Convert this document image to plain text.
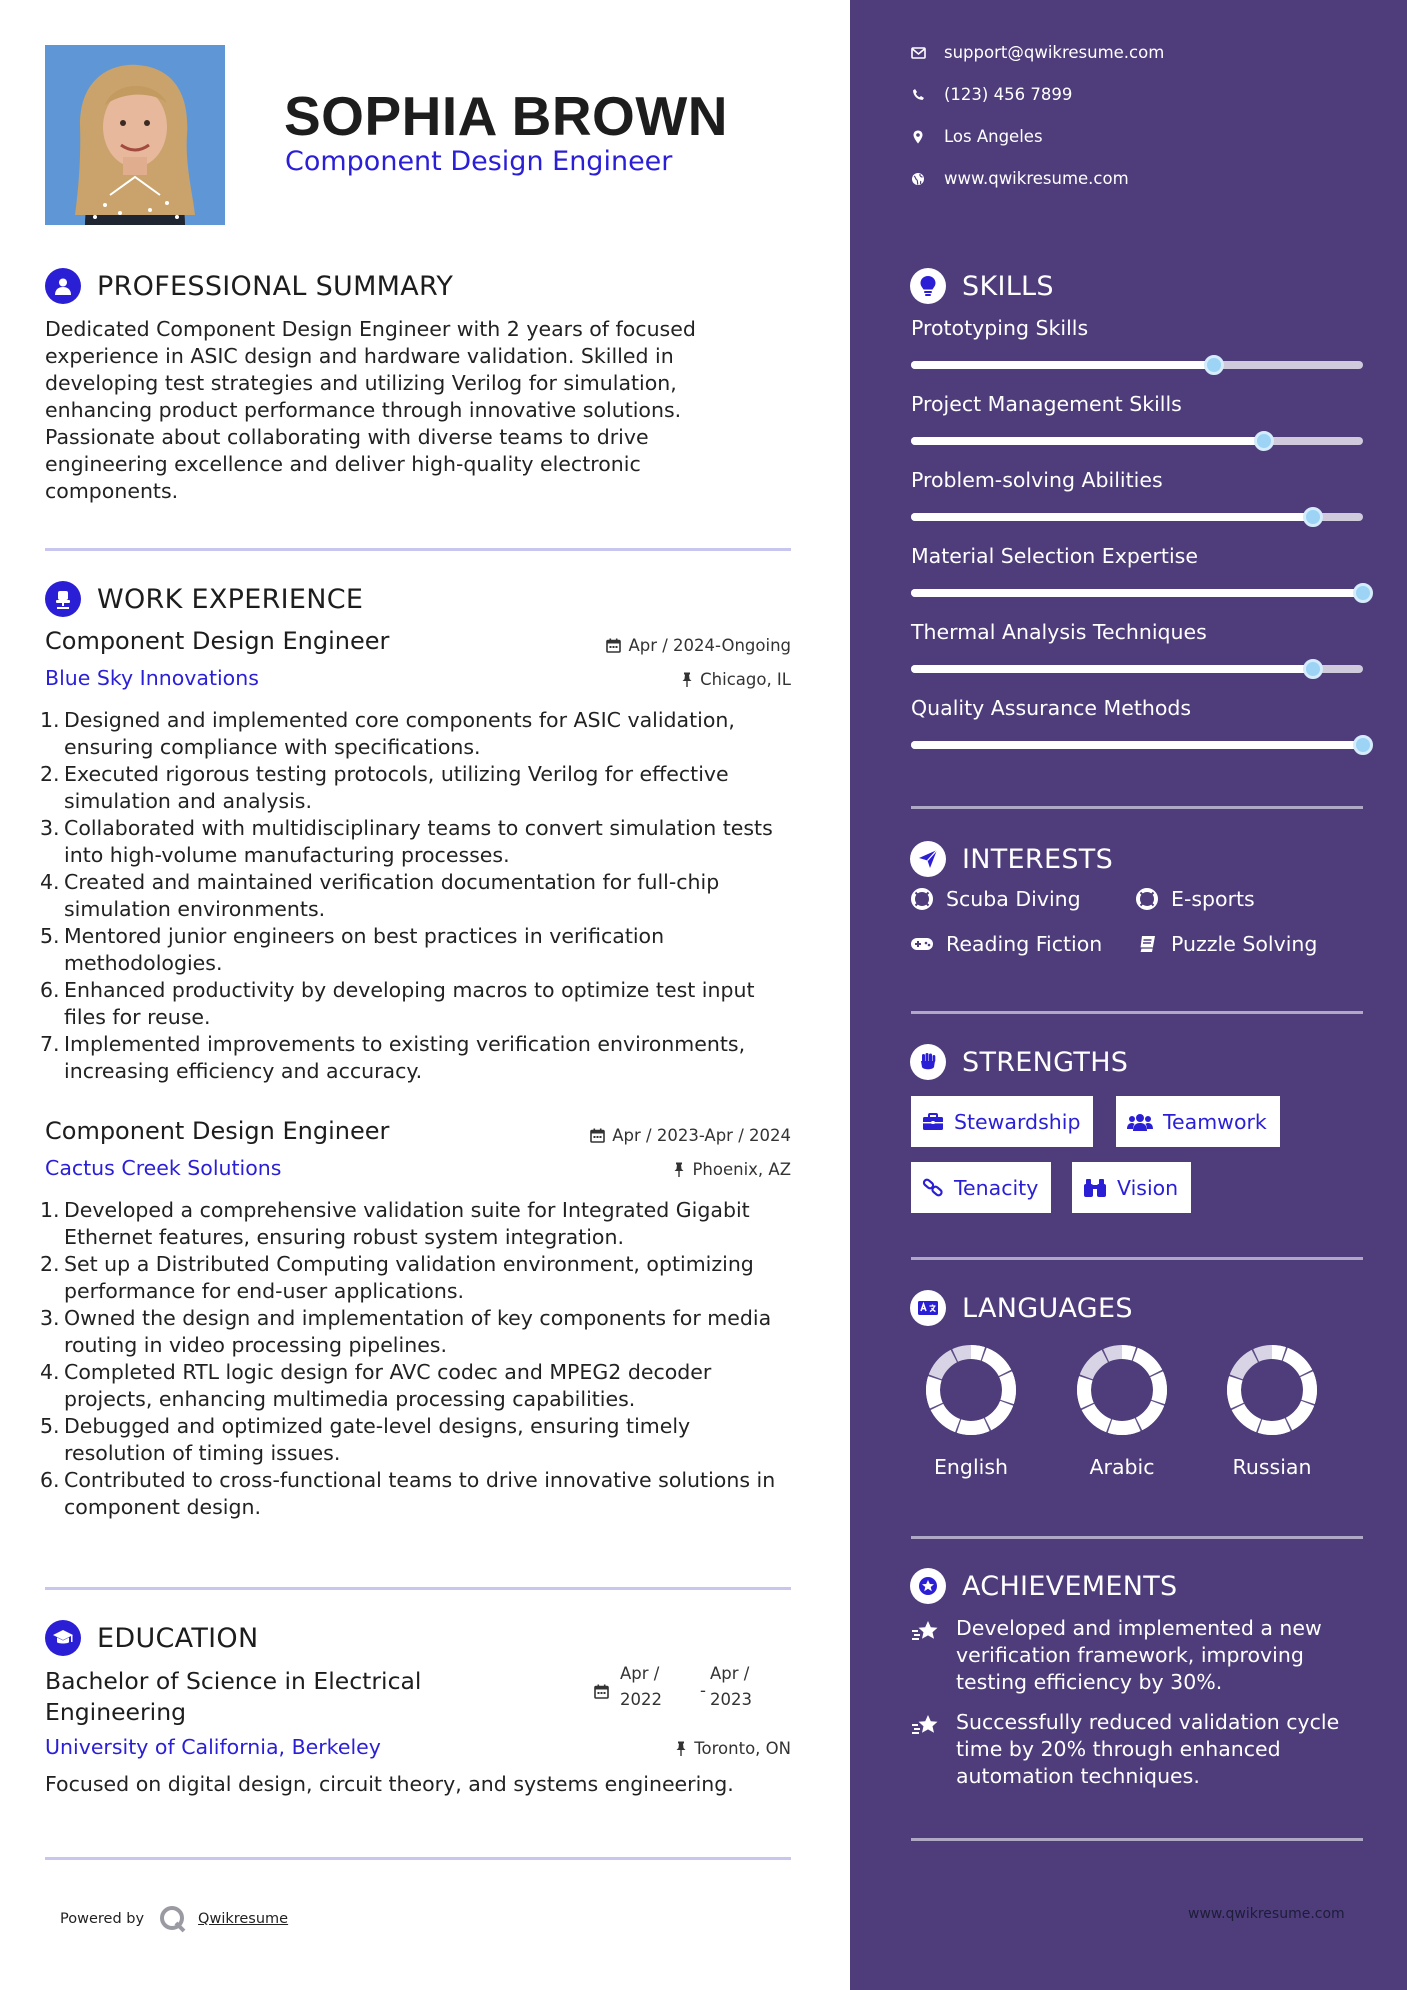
SOPHIA BROWN
Component Design Engineer
PROFESSIONAL SUMMARY
Dedicated Component Design Engineer with 2 years of focused
experience in ASIC design and hardware validation. Skilled in
developing test strategies and utilizing Verilog for simulation,
enhancing product performance through innovative solutions.
Passionate about collaborating with diverse teams to drive
engineering excellence and deliver high-quality electronic
components.
WORK EXPERIENCE
Component Design Engineer	Apr / 2024-Ongoing
Blue Sky Innovations	Chicago, IL
1. Designed and implemented core components for ASIC validation,
ensuring compliance with specifications.
2. Executed rigorous testing protocols, utilizing Verilog for effective
simulation and analysis.
3. Collaborated with multidisciplinary teams to convert simulation tests
into high-volume manufacturing processes.
4. Created and maintained verification documentation for full-chip
simulation environments.
5. Mentored junior engineers on best practices in verification
methodologies.
6. Enhanced productivity by developing macros to optimize test input
files for reuse.
7. Implemented improvements to existing verification environments,
increasing efficiency and accuracy.
Component Design Engineer	Apr / 2023-Apr / 2024
Cactus Creek Solutions	Phoenix, AZ
1. Developed a comprehensive validation suite for Integrated Gigabit
Ethernet features, ensuring robust system integration.
2. Set up a Distributed Computing validation environment, optimizing
performance for end-user applications.
3. Owned the design and implementation of key components for media
routing in video processing pipelines.
4. Completed RTL logic design for AVC codec and MPEG2 decoder
projects, enhancing multimedia processing capabilities.
5. Debugged and optimized gate-level designs, ensuring timely
resolution of timing issues.
6. Contributed to cross-functional teams to drive innovative solutions in
component design.
EDUCATION
Bachelor of Science in Electrical
Engineering
Apr /
2022 -
Apr /
2023
University of California, Berkeley	Toronto, ON
Focused on digital design, circuit theory, and systems engineering.
Powered by	Qwikresume
support@qwikresume.com
(123) 456 7899
Los Angeles
www.qwikresume.com
SKILLS
Prototyping Skills
Project Management Skills
Problem-solving Abilities
Material Selection Expertise
Thermal Analysis Techniques
Quality Assurance Methods
INTERESTS
Scuba Diving	E-sports
Reading Fiction	Puzzle Solving
STRENGTHS
Stewardship	Teamwork
Tenacity	Vision
LANGUAGES
English	Arabic	Russian
ACHIEVEMENTS
Developed and implemented a new
verification framework, improving
testing efficiency by 30%.
Successfully reduced validation cycle
time by 20% through enhanced
automation techniques.
www.qwikresume.com
